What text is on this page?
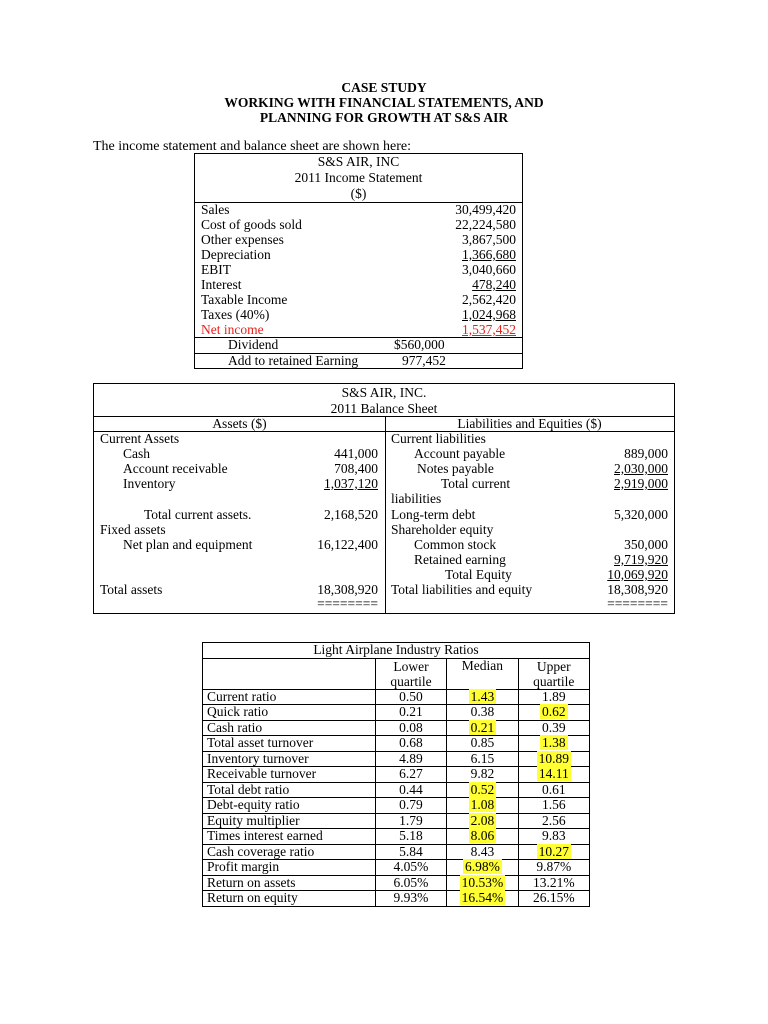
CASE STUDY
WORKING WITH FINANCIAL STATEMENTS, AND
PLANNING FOR GROWTH AT S&S AIR
The income statement and balance sheet are shown here:
S&S AIR, INC
2011 Income Statement
($)
Sales	30,499,420
Cost of goods sold	22,224,580
Other expenses	3,867,500
Depreciation	1,366,680
EBIT	3,040,660
Interest	478,240
Taxable Income	2,562,420
Taxes (40%)	1,024,968
Net income	1,537,452
Dividend	$560,000
Add to retained Earning	977,452
S&S AIR, INC.
2011 Balance Sheet
Assets ($)	Liabilities and Equities ($)
Current Assets
Cash	441,000
Account receivable	708,400
Inventory	1,037,120
Total current assets.	2,168,520
Fixed assets
Net plan and equipment	16,122,400
Total assets	18,308,920
========
Current liabilities
Account payable	889,000
Notes payable	2,030,000
Total current	2,919,000
liabilities
Long-term debt	5,320,000
Shareholder equity
Common stock	350,000
Retained earning	9,719,920
Total Equity	10,069,920
Total liabilities and equity	18,308,920
========
Light Airplane Industry Ratios			
	Lower quartile	Median	Upper quartile
Current ratio	0.50	1.43	1.89
Quick ratio	0.21	0.38	0.62
Cash ratio	0.08	0.21	0.39
Total asset turnover	0.68	0.85	1.38
Inventory turnover	4.89	6.15	10.89
Receivable turnover	6.27	9.82	14.11
Total debt ratio	0.44	0.52	0.61
Debt-equity ratio	0.79	1.08	1.56
Equity multiplier	1.79	2.08	2.56
Times interest earned	5.18	8.06	9.83
Cash coverage ratio	5.84	8.43	10.27
Profit margin	4.05%	6.98%	9.87%
Return on assets	6.05%	10.53%	13.21%
Return on equity	9.93%	16.54%	26.15%
